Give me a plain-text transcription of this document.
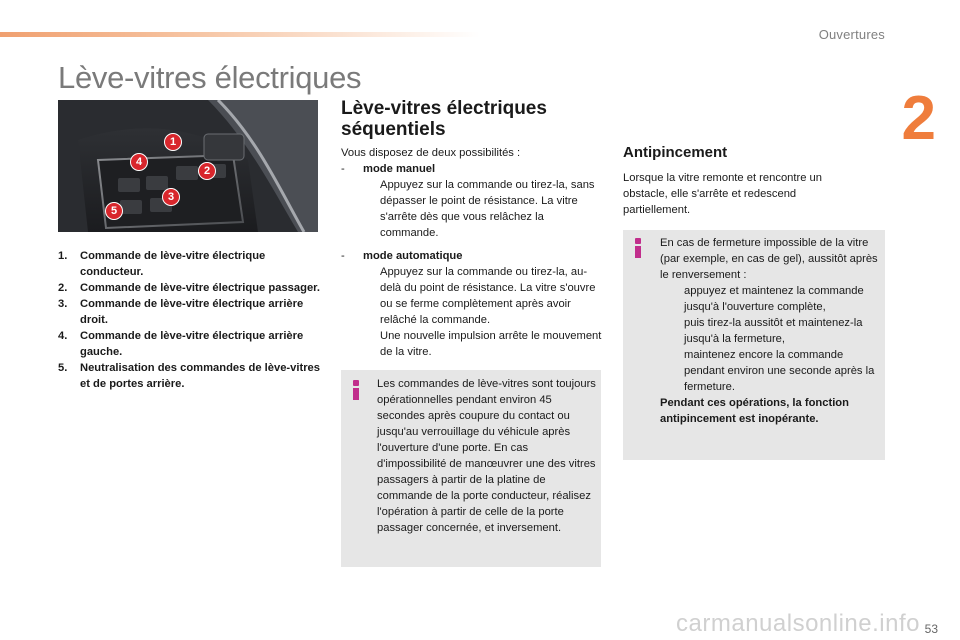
Ouvertures
2
Lève-vitres électriques
1
2
3
4
5
1.	Commande de lève-vitre électrique conducteur.
2.	Commande de lève-vitre électrique passager.
3.	Commande de lève-vitre électrique arrière droit.
4.	Commande de lève-vitre électrique arrière gauche.
5.	Neutralisation des commandes de lève-vitres et de portes arrière.
Lève-vitres électriques
séquentiels
Vous disposez de deux possibilités :
-	mode manuel
Appuyez sur la commande ou tirez-la, sans dépasser le point de résistance. La vitre s'arrête dès que vous relâchez la commande.
-	mode automatique
Appuyez sur la commande ou tirez-la, au-delà du point de résistance. La vitre s'ouvre ou se ferme complètement après avoir relâché la commande.
Une nouvelle impulsion arrête le mouvement de la vitre.
Les commandes de lève-vitres sont toujours opérationnelles pendant environ 45 secondes après coupure du contact ou jusqu'au verrouillage du véhicule après l'ouverture d'une porte. En cas d'impossibilité de manœuvrer une des vitres passagers à partir de la platine de commande de la porte conducteur, réalisez l'opération à partir de celle de la porte passager concernée, et inversement.
Antipincement
Lorsque la vitre remonte et rencontre un obstacle, elle s'arrête et redescend partiellement.
En cas de fermeture impossible de la vitre (par exemple, en cas de gel), aussitôt après le renversement :
appuyez et maintenez la commande jusqu'à l'ouverture complète,
puis tirez-la aussitôt et maintenez-la jusqu'à la fermeture,
maintenez encore la commande pendant environ une seconde après la fermeture.
Pendant ces opérations, la fonction antipincement est inopérante.
carmanualsonline.info 53
